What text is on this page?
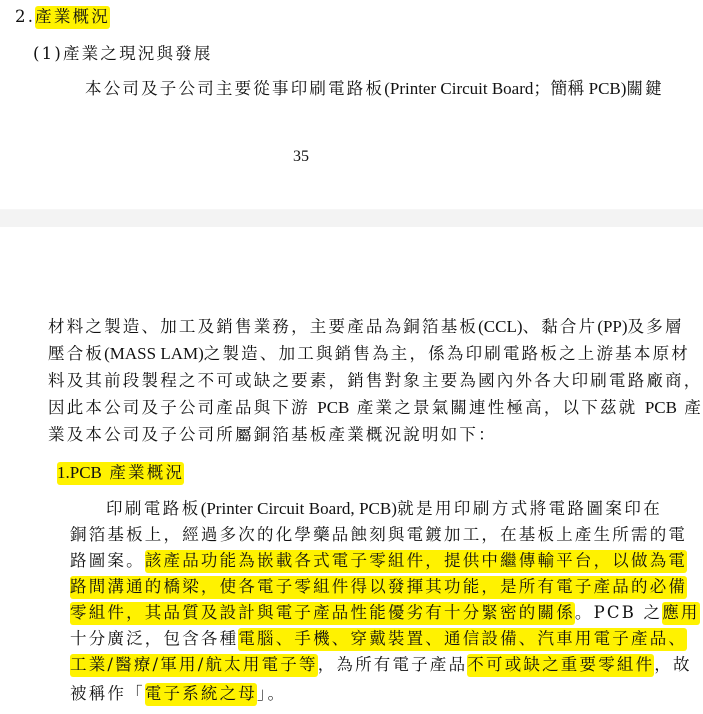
2.產業概況
(1)產業之現況與發展
本公司及子公司主要從事印刷電路板(Printer Circuit Board；簡稱 PCB)關鍵
35
材料之製造、加工及銷售業務，主要產品為銅箔基板(CCL)、黏合片(PP)及多層
壓合板(MASS LAM)之製造、加工與銷售為主，係為印刷電路板之上游基本原材
料及其前段製程之不可或缺之要素，銷售對象主要為國內外各大印刷電路廠商，
因此本公司及子公司產品與下游 PCB 產業之景氣關連性極高，以下茲就 PCB 產
業及本公司及子公司所屬銅箔基板產業概況說明如下：
1.PCB 產業概況
印刷電路板(Printer Circuit Board, PCB)就是用印刷方式將電路圖案印在
銅箔基板上，經過多次的化學藥品蝕刻與電鍍加工，在基板上產生所需的電
路圖案。該產品功能為嵌載各式電子零組件，提供中繼傳輸平台，以做為電
路間溝通的橋梁，使各電子零組件得以發揮其功能，是所有電子產品的必備
零組件，其品質及設計與電子產品性能優劣有十分緊密的關係。PCB 之應用
十分廣泛，包含各種電腦、手機、穿戴裝置、通信設備、汽車用電子產品、
工業/醫療/軍用/航太用電子等，為所有電子產品不可或缺之重要零組件，故
被稱作「電子系統之母」。
